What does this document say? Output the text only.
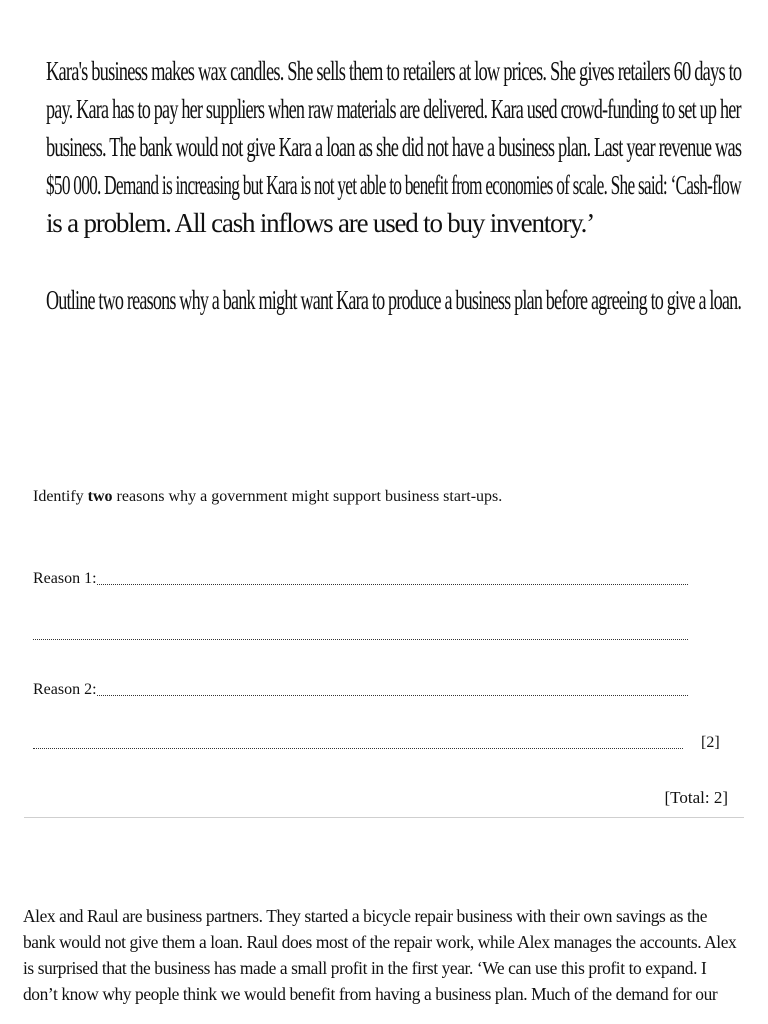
Kara's business makes wax candles. She sells them to retailers at low prices. She gives retailers 60 days to
pay. Kara has to pay her suppliers when raw materials are delivered. Kara used crowd-funding to set up her
business. The bank would not give Kara a loan as she did not have a business plan. Last year revenue was
$50 000. Demand is increasing but Kara is not yet able to benefit from economies of scale. She said: ‘Cash-flow
is a problem. All cash inflows are used to buy inventory.’

Outline two reasons why a bank might want Kara to produce a business plan before agreeing to give a loan.

Identify two reasons why a government might support business start-ups.
Reason 1:
Reason 2:
[2]
[Total: 2]
Alex and Raul are business partners. They started a bicycle repair business with their own savings as the
bank would not give them a loan. Raul does most of the repair work, while Alex manages the accounts. Alex
is surprised that the business has made a small profit in the first year. ‘We can use this profit to expand. I
don’t know why people think we would benefit from having a business plan. Much of the demand for our
